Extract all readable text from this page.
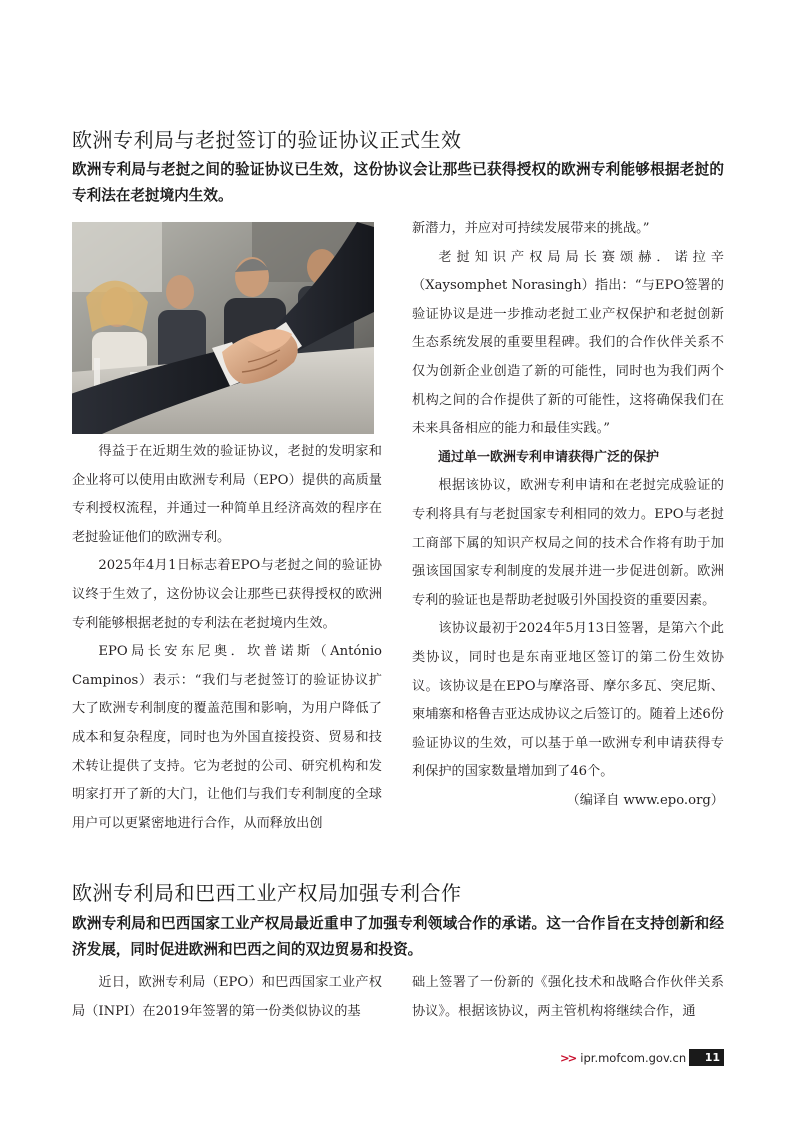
欧洲专利局与老挝签订的验证协议正式生效
欧洲专利局与老挝之间的验证协议已生效，这份协议会让那些已获得授权的欧洲专利能够根据老挝的专利法在老挝境内生效。

得益于在近期生效的验证协议，老挝的发明家和企业将可以使用由欧洲专利局（EPO）提供的高质量专利授权流程，并通过一种简单且经济高效的程序在老挝验证他们的欧洲专利。

2025年4月1日标志着EPO与老挝之间的验证协议终于生效了，这份协议会让那些已获得授权的欧洲专利能够根据老挝的专利法在老挝境内生效。

EPO局长安东尼奥．坎普诺斯（António Campinos）表示：“我们与老挝签订的验证协议扩大了欧洲专利制度的覆盖范围和影响，为用户降低了成本和复杂程度，同时也为外国直接投资、贸易和技术转让提供了支持。它为老挝的公司、研究机构和发明家打开了新的大门，让他们与我们专利制度的全球用户可以更紧密地进行合作，从而释放出创

新潜力，并应对可持续发展带来的挑战。”

老挝知识产权局局长赛颂赫．诺拉辛（Xaysomphet Norasingh）指出：“与EPO签署的验证协议是进一步推动老挝工业产权保护和老挝创新生态系统发展的重要里程碑。我们的合作伙伴关系不仅为创新企业创造了新的可能性，同时也为我们两个机构之间的合作提供了新的可能性，这将确保我们在未来具备相应的能力和最佳实践。”

通过单一欧洲专利申请获得广泛的保护

根据该协议，欧洲专利申请和在老挝完成验证的专利将具有与老挝国家专利相同的效力。EPO与老挝工商部下属的知识产权局之间的技术合作将有助于加强该国国家专利制度的发展并进一步促进创新。欧洲专利的验证也是帮助老挝吸引外国投资的重要因素。

该协议最初于2024年5月13日签署，是第六个此类协议，同时也是东南亚地区签订的第二份生效协议。该协议是在EPO与摩洛哥、摩尔多瓦、突尼斯、柬埔寨和格鲁吉亚达成协议之后签订的。随着上述6份验证协议的生效，可以基于单一欧洲专利申请获得专利保护的国家数量增加到了46个。

（编译自 www.epo.org）

欧洲专利局和巴西工业产权局加强专利合作
欧洲专利局和巴西国家工业产权局最近重申了加强专利领域合作的承诺。这一合作旨在支持创新和经济发展，同时促进欧洲和巴西之间的双边贸易和投资。

近日，欧洲专利局（EPO）和巴西国家工业产权局（INPI）在2019年签署的第一份类似协议的基

础上签署了一份新的《强化技术和战略合作伙伴关系协议》。根据该协议，两主管机构将继续合作，通

>> ipr.mofcom.gov.cn	11
